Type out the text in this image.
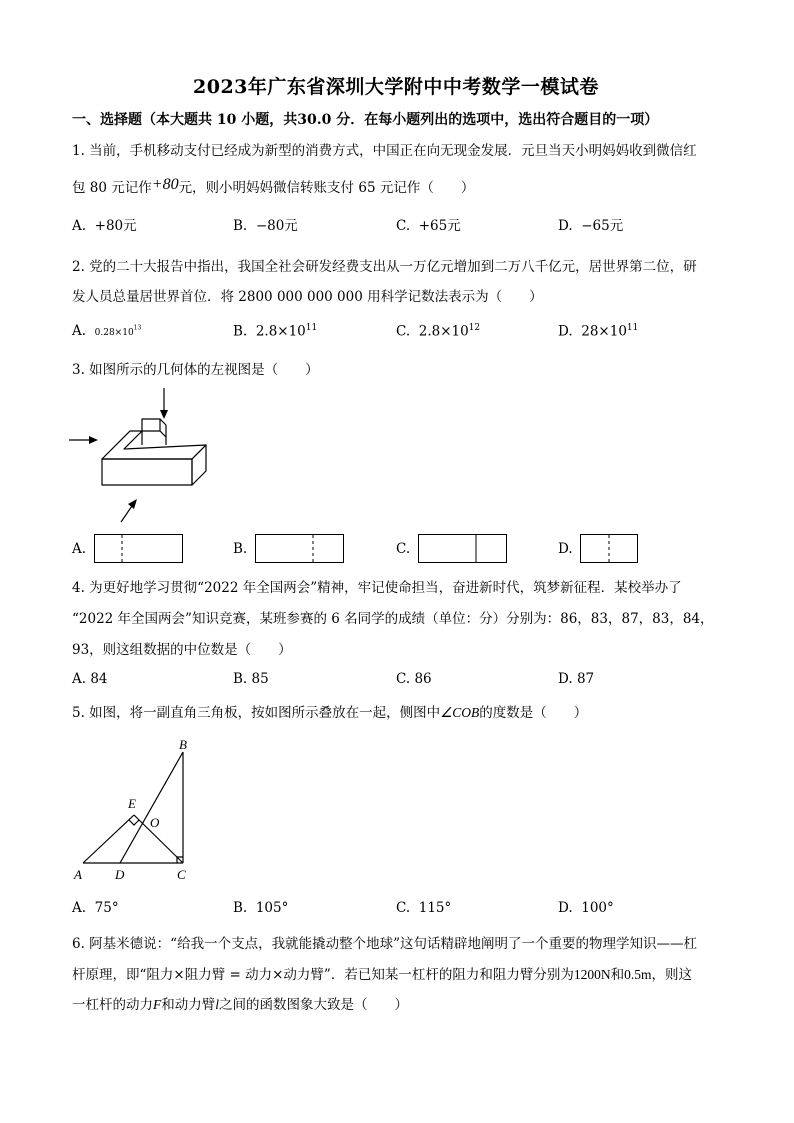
2023年广东省深圳大学附中中考数学一模试卷
一、选择题（本大题共 10 小题，共30.0 分．在每小题列出的选项中，选出符合题目的一项）
1. 当前，手机移动支付已经成为新型的消费方式，中国正在向无现金发展．元旦当天小明妈妈收到微信红
包 80 元记作+80元，则小明妈妈微信转账支付 65 元记作（　　）
A. +80元	B. −80元	C. +65元	D. −65元
2. 党的二十大报告中指出，我国全社会研发经费支出从一万亿元增加到二万八千亿元，居世界第二位，研
发人员总量居世界首位．将 2800 000 000 000 用科学记数法表示为（　　）
A. $0.28\times 10^{13}$	B. $2.8\times 10^{11}$	C. $2.8\times 10^{12}$	D. $28\times 10^{11}$
3. 如图所示的几何体的左视图是（　　）
A.	B.	C.	D.
4. 为更好地学习贯彻“2022 年全国两会”精神，牢记使命担当，奋进新时代，筑梦新征程．某校举办了
“2022 年全国两会”知识竞赛，某班参赛的 6 名同学的成绩（单位：分）分别为：86，83，87，83，84，
93，则这组数据的中位数是（　　）
A. 84	B. 85	C. 86	D. 87
5. 如图，将一副直角三角板，按如图所示叠放在一起，侧图中∠COB的度数是（　　）
B
E
O
A	D	C
A. 75°	B. 105°	C. 115°	D. 100°
6. 阿基米德说：“给我一个支点，我就能撬动整个地球”这句话精辟地阐明了一个重要的物理学知识——杠
杆原理，即“阻力×阻力臂 = 动力×动力臂”．若已知某一杠杆的阻力和阻力臂分别为1200N和0.5m，则这
一杠杆的动力F和动力臂l之间的函数图象大致是（　　）
